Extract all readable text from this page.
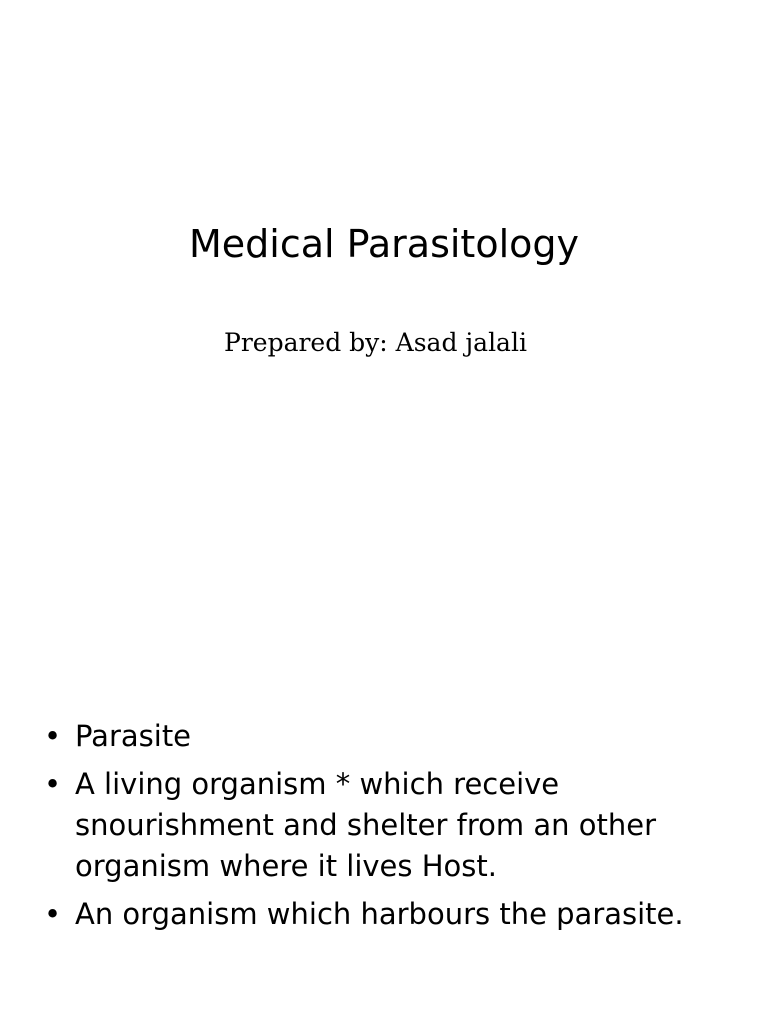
Medical Parasitology

Prepared by: Asad jalali

• Parasite
• A living organism * which receive snourishment and shelter from an other organism where it lives Host.
• An organism which harbours the parasite.
